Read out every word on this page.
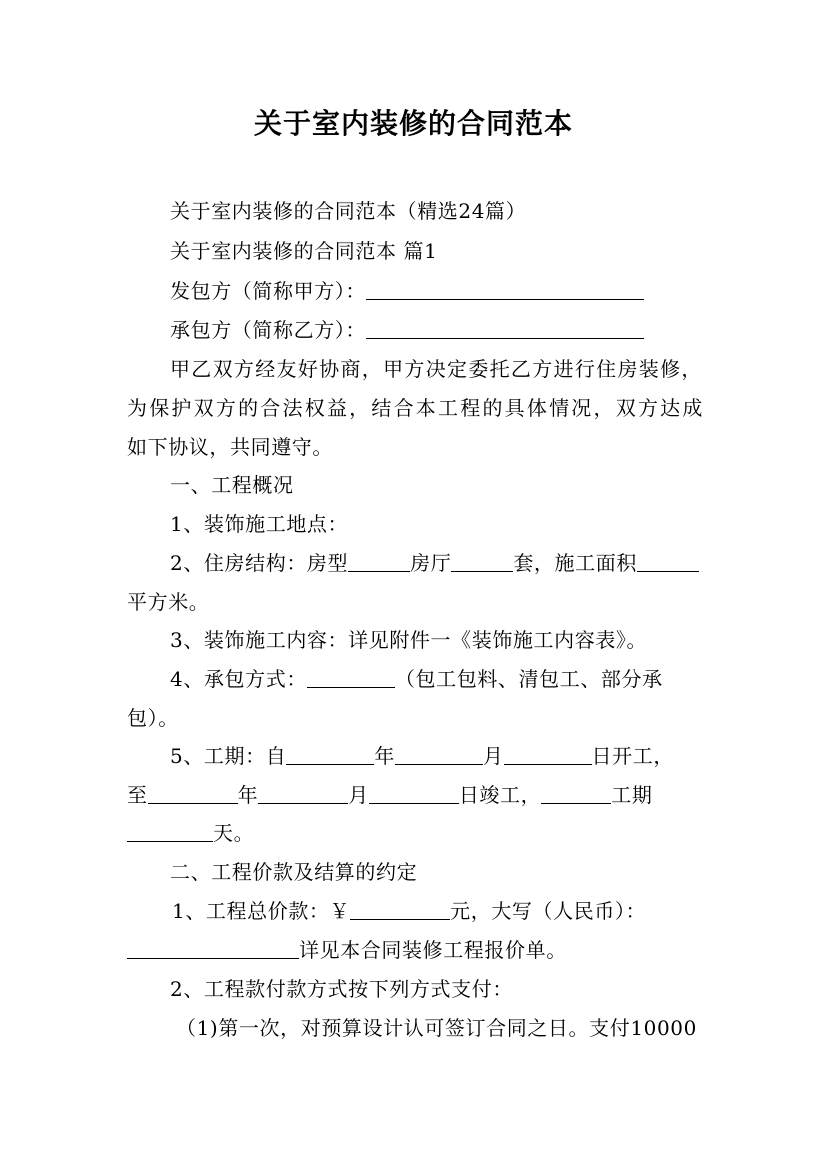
关于室内装修的合同范本
关于室内装修的合同范本（精选24篇）
关于室内装修的合同范本 篇1
发包方（简称甲方）：
承包方（简称乙方）：
甲乙双方经友好协商，甲方决定委托乙方进行住房装修，
为保护双方的合法权益，结合本工程的具体情况，双方达成
如下协议，共同遵守。
一、工程概况
1、装饰施工地点：
2、住房结构：房型	房厅	套，施工面积
平方米。
3、装饰施工内容：详见附件一《装饰施工内容表》。
4、承包方式：	（包工包料、清包工、部分承
包）。
5、工期：自	年	月	日开工，
至	年	月	日竣工，	工期
天。
二、工程价款及结算的约定
1、工程总价款：￥	元，大写（人民币）：
详见本合同装修工程报价单。
2、工程款付款方式按下列方式支付：
（1)第一次，对预算设计认可签订合同之日。支付10000
